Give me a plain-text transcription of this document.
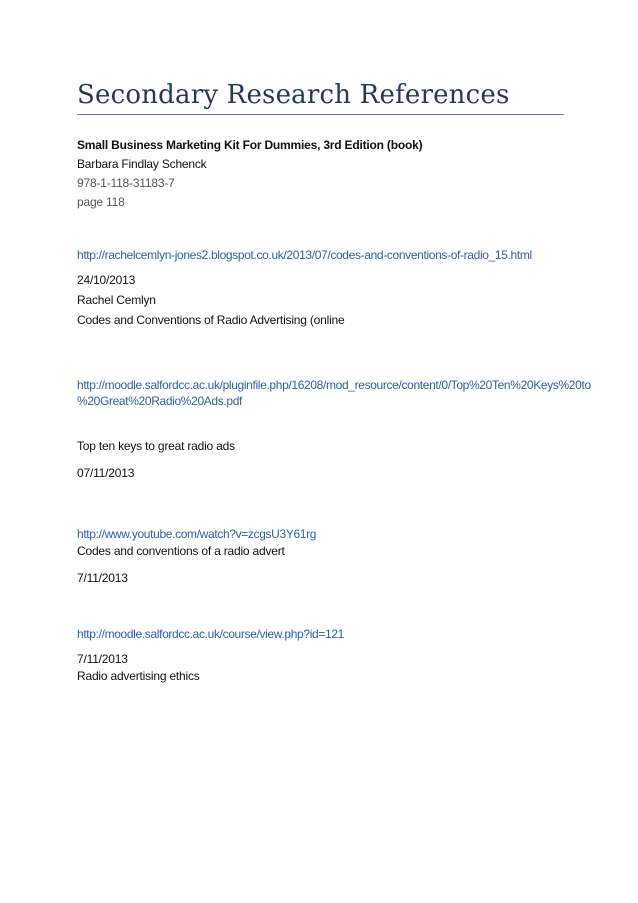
Secondary Research References
Small Business Marketing Kit For Dummies, 3rd Edition (book)
Barbara Findlay Schenck
978-1-118-31183-7
page 118
http://rachelcemlyn-jones2.blogspot.co.uk/2013/07/codes-and-conventions-of-radio_15.html
24/10/2013
Rachel Cemlyn
Codes and Conventions of Radio Advertising (online
http://moodle.salfordcc.ac.uk/pluginfile.php/16208/mod_resource/content/0/Top%20Ten%20Keys%20to
%20Great%20Radio%20Ads.pdf
Top ten keys to great radio ads
07/11/2013
http://www.youtube.com/watch?v=zcgsU3Y61rg
Codes and conventions of a radio advert
7/11/2013
http://moodle.salfordcc.ac.uk/course/view.php?id=121
7/11/2013
Radio advertising ethics
